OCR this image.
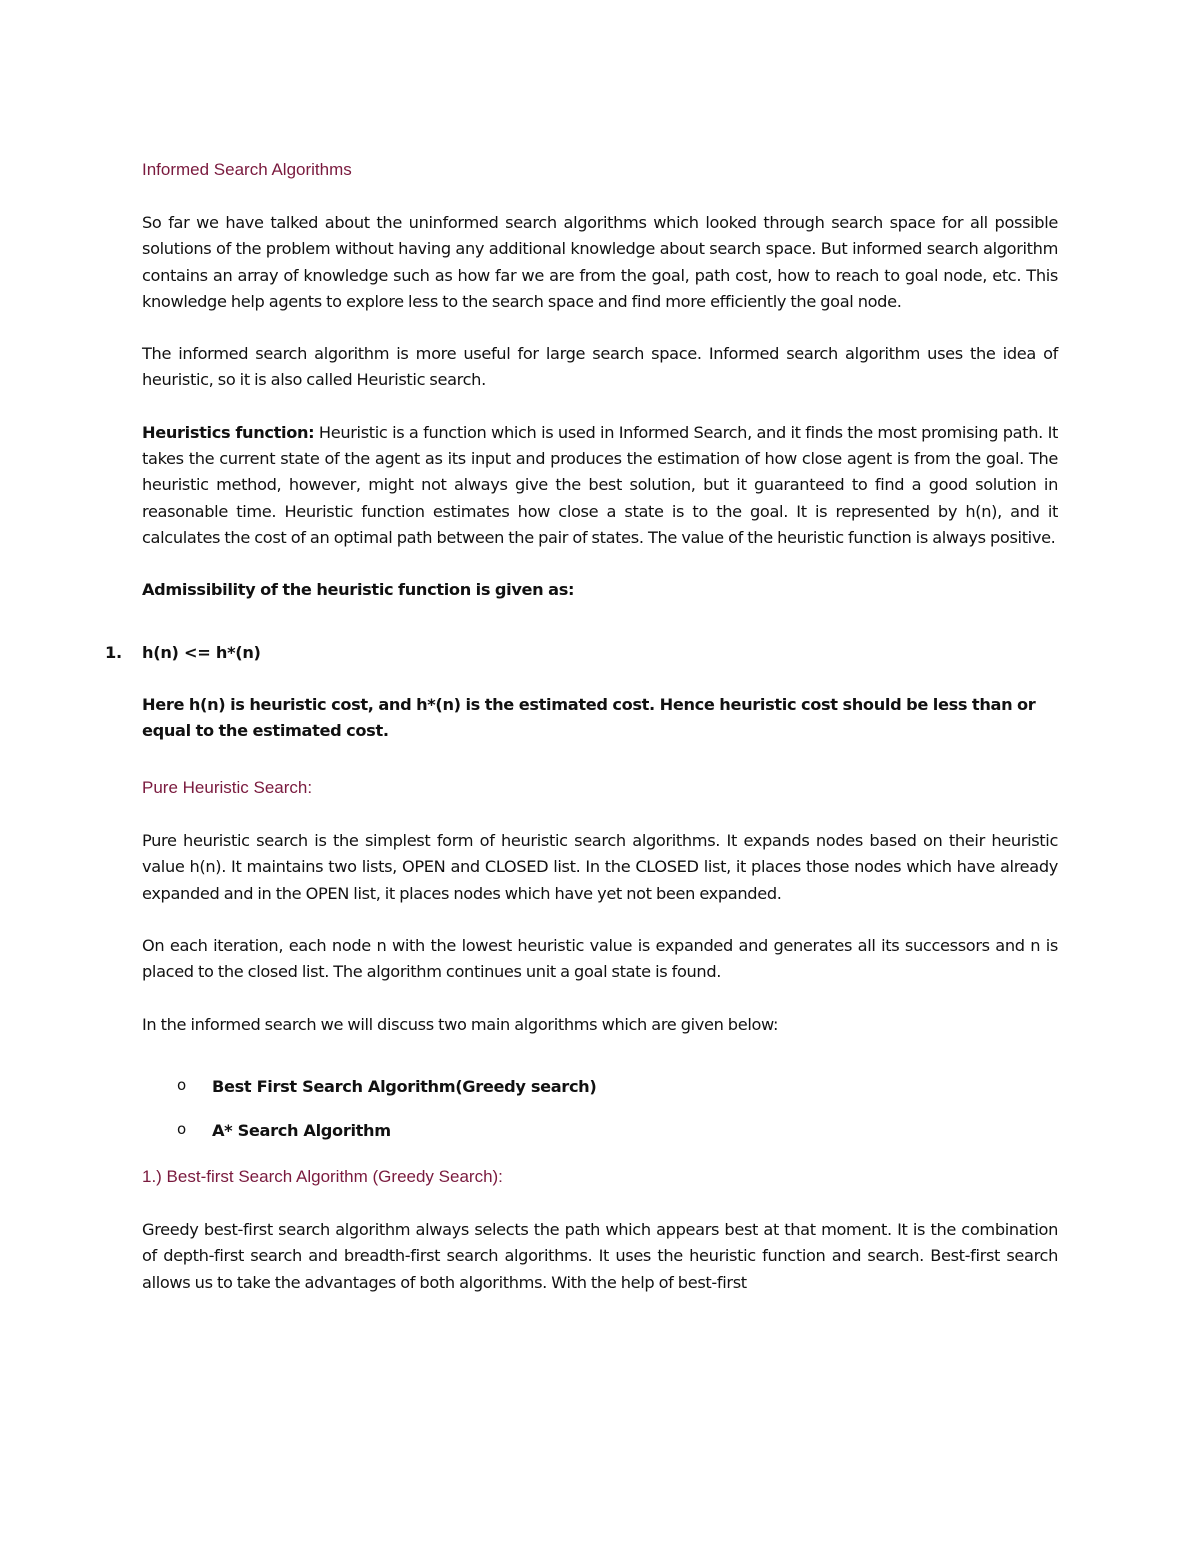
Informed Search Algorithms

So far we have talked about the uninformed search algorithms which looked through search space for all possible solutions of the problem without having any additional knowledge about search space. But informed search algorithm contains an array of knowledge such as how far we are from the goal, path cost, how to reach to goal node, etc. This knowledge help agents to explore less to the search space and find more efficiently the goal node.

The informed search algorithm is more useful for large search space. Informed search algorithm uses the idea of heuristic, so it is also called Heuristic search.

Heuristics function: Heuristic is a function which is used in Informed Search, and it finds the most promising path. It takes the current state of the agent as its input and produces the estimation of how close agent is from the goal. The heuristic method, however, might not always give the best solution, but it guaranteed to find a good solution in reasonable time. Heuristic function estimates how close a state is to the goal. It is represented by h(n), and it calculates the cost of an optimal path between the pair of states. The value of the heuristic function is always positive.

Admissibility of the heuristic function is given as:

1. h(n) <= h*(n)

Here h(n) is heuristic cost, and h*(n) is the estimated cost. Hence heuristic cost should be less than or equal to the estimated cost.

Pure Heuristic Search:

Pure heuristic search is the simplest form of heuristic search algorithms. It expands nodes based on their heuristic value h(n). It maintains two lists, OPEN and CLOSED list. In the CLOSED list, it places those nodes which have already expanded and in the OPEN list, it places nodes which have yet not been expanded.

On each iteration, each node n with the lowest heuristic value is expanded and generates all its successors and n is placed to the closed list. The algorithm continues unit a goal state is found.

In the informed search we will discuss two main algorithms which are given below:

o Best First Search Algorithm(Greedy search)
o A* Search Algorithm
1.) Best-first Search Algorithm (Greedy Search):

Greedy best-first search algorithm always selects the path which appears best at that moment. It is the combination of depth-first search and breadth-first search algorithms. It uses the heuristic function and search. Best-first search allows us to take the advantages of both algorithms. With the help of best-first
